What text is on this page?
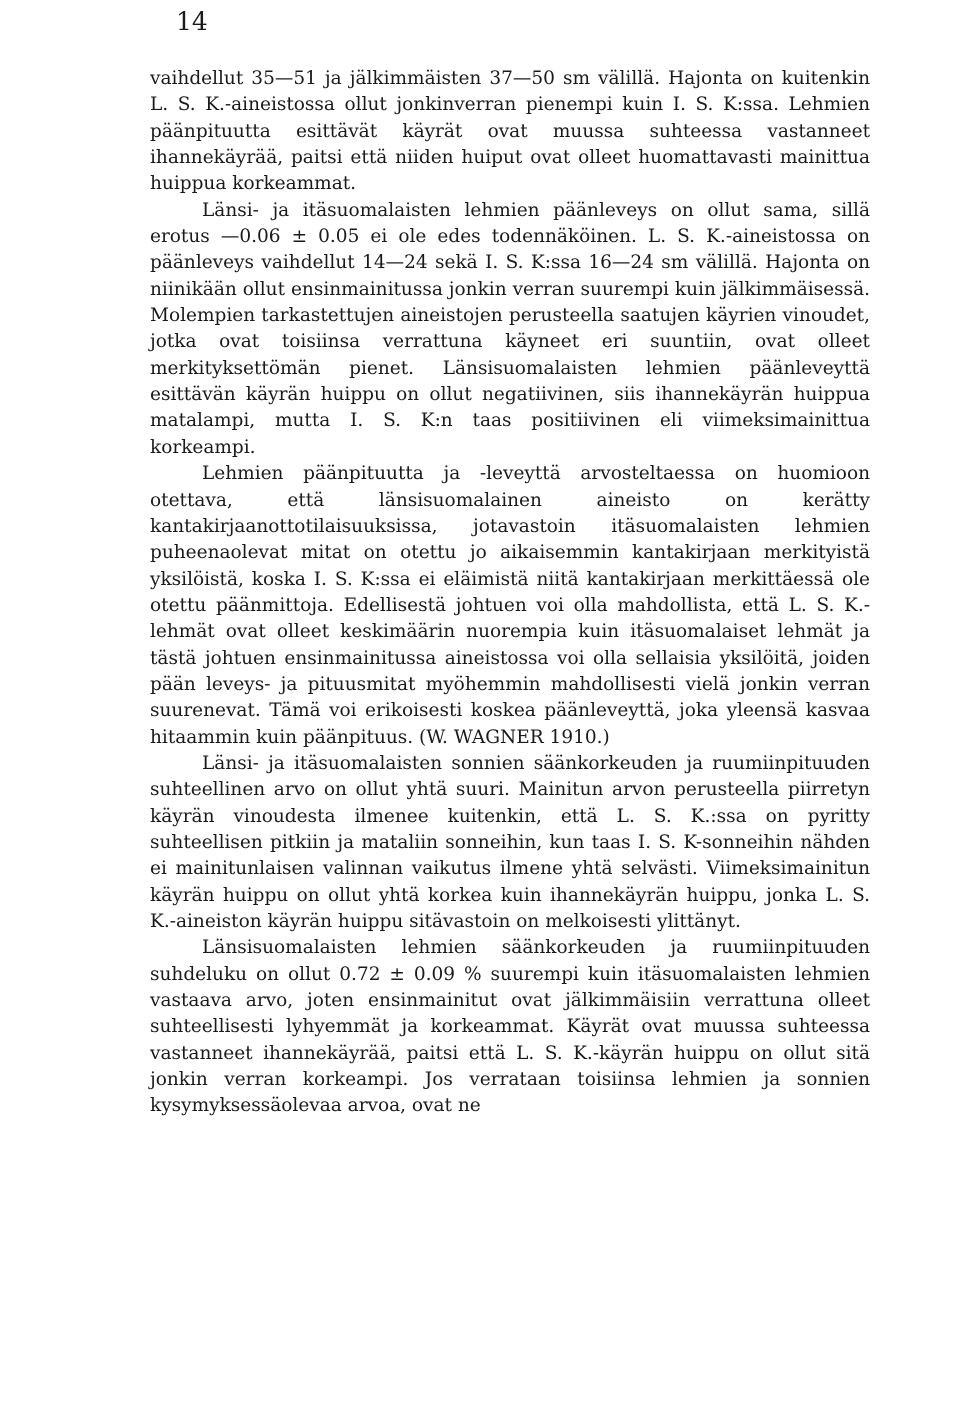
14

vaihdellut 35—51 ja jälkimmäisten 37—50 sm välillä. Hajonta on kuitenkin L. S. K.-aineistossa ollut jonkinverran pienempi kuin I. S. K:ssa. Lehmien päänpituutta esittävät käyrät ovat muussa suhteessa vastanneet ihannekäyrää, paitsi että niiden huiput ovat olleet huomattavasti mainittua huippua korkeammat.

Länsi- ja itäsuomalaisten lehmien päänleveys on ollut sama, sillä erotus —0.06 ± 0.05 ei ole edes todennäköinen. L. S. K.-aineistossa on päänleveys vaihdellut 14—24 sekä I. S. K:ssa 16—24 sm välillä. Hajonta on niinikään ollut ensinmainitussa jonkin verran suurempi kuin jälkimmäisessä. Molempien tarkastettujen aineistojen perusteella saatujen käyrien vinoudet, jotka ovat toisiinsa verrattuna käyneet eri suuntiin, ovat olleet merkityksettömän pienet. Länsisuomalaisten lehmien päänleveyttä esittävän käyrän huippu on ollut negatiivinen, siis ihannekäyrän huippua matalampi, mutta I. S. K:n taas positiivinen eli viimeksimainittua korkeampi.

Lehmien päänpituutta ja -leveyttä arvosteltaessa on huomioon otettava, että länsisuomalainen aineisto on kerätty kantakirjaanottotilaisuuksissa, jotavastoin itäsuomalaisten lehmien puheenaolevat mitat on otettu jo aikaisemmin kantakirjaan merkityistä yksilöistä, koska I. S. K:ssa ei eläimistä niitä kantakirjaan merkittäessä ole otettu päänmittoja. Edellisestä johtuen voi olla mahdollista, että L. S. K.-lehmät ovat olleet keskimäärin nuorempia kuin itäsuomalaiset lehmät ja tästä johtuen ensinmainitussa aineistossa voi olla sellaisia yksilöitä, joiden pään leveys- ja pituusmitat myöhemmin mahdollisesti vielä jonkin verran suurenevat. Tämä voi erikoisesti koskea päänleveyttä, joka yleensä kasvaa hitaammin kuin päänpituus. (W. WAGNER 1910.)

Länsi- ja itäsuomalaisten sonnien säänkorkeuden ja ruumiinpituuden suhteellinen arvo on ollut yhtä suuri. Mainitun arvon perusteella piirretyn käyrän vinoudesta ilmenee kuitenkin, että L. S. K.:ssa on pyritty suhteellisen pitkiin ja mataliin sonneihin, kun taas I. S. K-sonneihin nähden ei mainitunlaisen valinnan vaikutus ilmene yhtä selvästi. Viimeksimainitun käyrän huippu on ollut yhtä korkea kuin ihannekäyrän huippu, jonka L. S. K.-aineiston käyrän huippu sitävastoin on melkoisesti ylittänyt.

Länsisuomalaisten lehmien säänkorkeuden ja ruumiinpituuden suhdeluku on ollut 0.72 ± 0.09 % suurempi kuin itäsuomalaisten lehmien vastaava arvo, joten ensinmainitut ovat jälkimmäisiin verrattuna olleet suhteellisesti lyhyemmät ja korkeammat. Käyrät ovat muussa suhteessa vastanneet ihannekäyrää, paitsi että L. S. K.-käyrän huippu on ollut sitä jonkin verran korkeampi. Jos verrataan toisiinsa lehmien ja sonnien kysymyksessäolevaa arvoa, ovat ne
